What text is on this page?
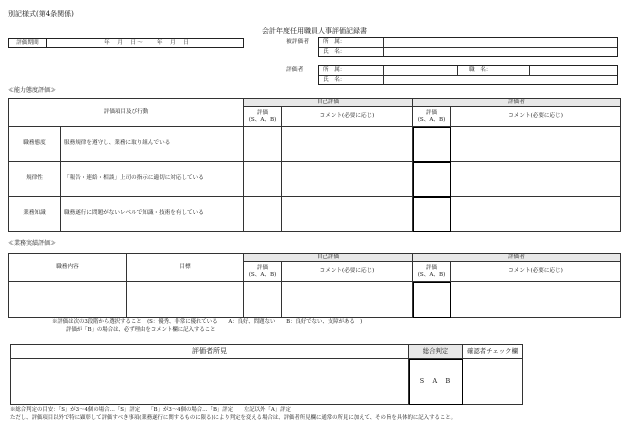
別記様式(第4条関係)
会計年度任用職員人事評価記録書
評価期間	年　月　日〜　　年　月　日	被評価者 所　属：
氏　名：
評価者	所　属：	職　名：
氏　名：
≪能力態度評価≫
評価項目及び行動		自己評価		評価者	
		評価
(S、A、B)	コメント(必要に応じ)	評価
(S、A、B)	コメント(必要に応じ)
職務態度	服務規律を遵守し、業務に取り組んでいる				
規律性	「報告・連絡・相談」上司の指示に適切に対応している				
業務知識	職務遂行に問題がないレベルで知識・技術を有している				
≪業務実績評価≫
職務内容	目標	自己評価		評価者	
		評価
(S、A、B)	コメント(必要に応じ)	評価
(S、A、B)	コメント(必要に応じ)

※評価は次の3段階から選択すること　(S：優秀、非常に優れている　　A：良好、問題ない　　B：良好でない、支障がある　)
評価が「B」の場合は、必ず理由をコメント欄に記入すること
評価者所見	総合判定	確認者チェック欄
	S　A　B	
※総合判定の目安：「S」が3〜4個の場合…「S」評定　　「B」が3〜4個の場合…「B」評定　　左記以外「A」評定
ただし、評価項目以外で特に顕彰して評価すべき事項(業務遂行に関するものに限る)により判定を変える場合は、評価者所見欄に通常の所見に加えて、その旨を具体的に記入すること。
